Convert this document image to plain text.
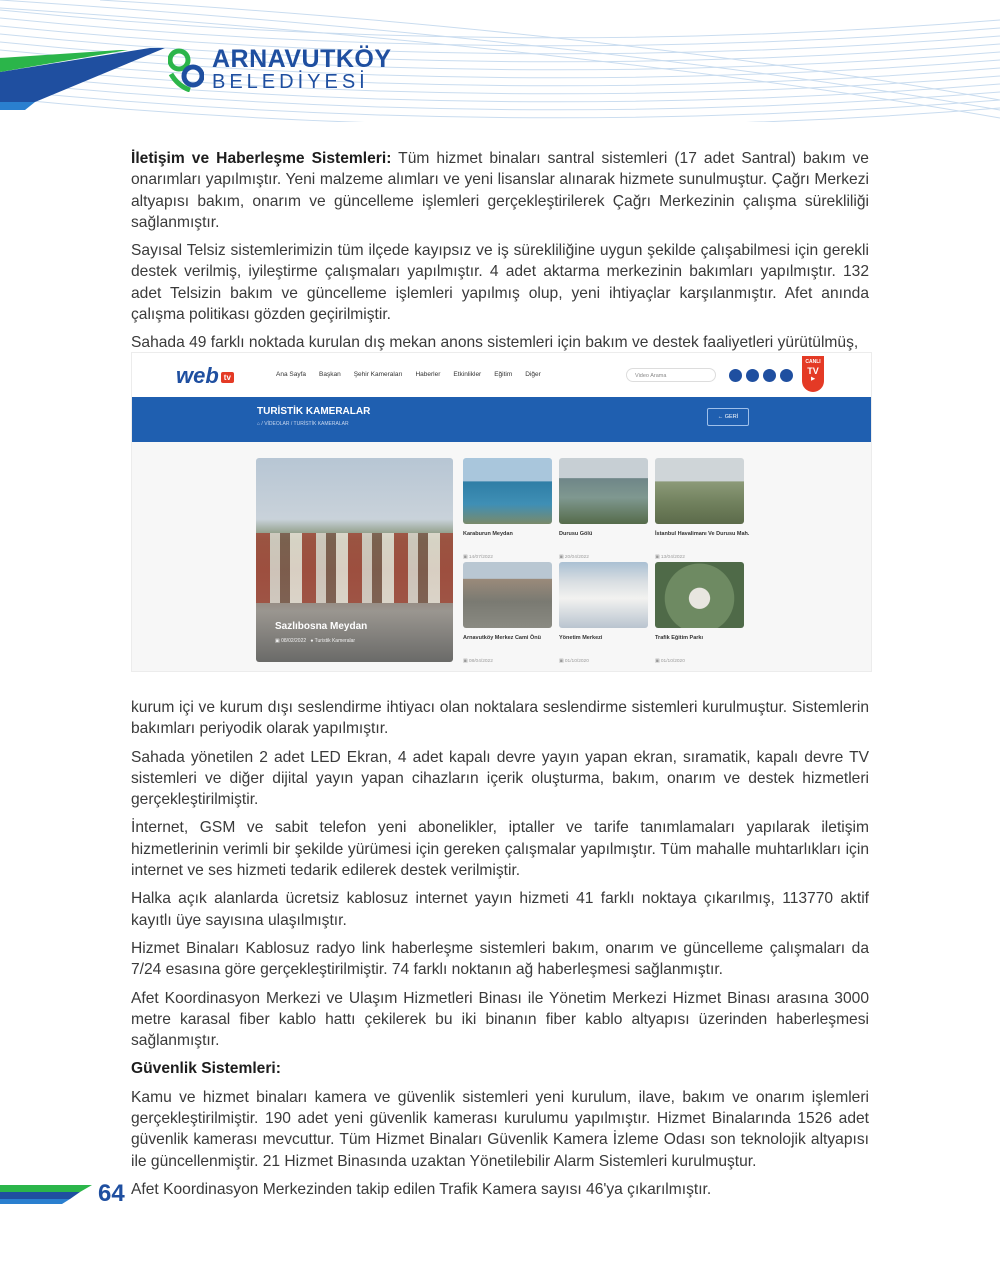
ARNAVUTKÖY
BELEDİYESİ

İletişim ve Haberleşme Sistemleri: Tüm hizmet binaları santral sistemleri (17 adet Santral) bakım ve onarımları yapılmıştır. Yeni malzeme alımları ve yeni lisanslar alınarak hizmete sunulmuştur. Çağrı Merkezi altyapısı bakım, onarım ve güncelleme işlemleri gerçekleştirilerek Çağrı Merkezinin çalışma sürekliliği sağlanmıştır.

Sayısal Telsiz sistemlerimizin tüm ilçede kayıpsız ve iş sürekliliğine uygun şekilde çalışabilmesi için gerekli destek verilmiş, iyileştirme çalışmaları yapılmıştır. 4 adet aktarma merkezinin bakımları yapılmıştır. 132 adet Telsizin bakım ve güncelleme işlemleri yapılmış olup, yeni ihtiyaçlar karşılanmıştır. Afet anında çalışma politikası gözden geçirilmiştir.

Sahada 49 farklı noktada kurulan dış mekan anons sistemleri için bakım ve destek faaliyetleri yürütülmüş,

web tv	Ana Sayfa Başkan Şehir Kameraları Haberler Etkinlikler Eğitim Diğer	Video Arama
CANLI
TV
▶
TURİSTİK KAMERALAR
⌂ / VİDEOLAR / TURİSTİK KAMERALAR
← GERİ
Sazlıbosna Meydan
▣ 08/02/2022   ● Turistik Kameralar
Karaburun Meydan
▣ 14/07/2022
Durusu Gölü
▣ 20/04/2022
İstanbul Havalimanı Ve Durusu Mah.
▣ 13/04/2022
Arnavutköy Merkez Cami Önü
▣ 08/04/2022
Yönetim Merkezi
▣ 01/10/2020
Trafik Eğitim Parkı
▣ 01/10/2020

kurum içi ve kurum dışı seslendirme ihtiyacı olan noktalara seslendirme sistemleri kurulmuştur. Sistemlerin bakımları periyodik olarak yapılmıştır.

Sahada yönetilen 2 adet LED Ekran, 4 adet kapalı devre yayın yapan ekran, sıramatik, kapalı devre TV sistemleri ve diğer dijital yayın yapan cihazların içerik oluşturma, bakım, onarım ve destek hizmetleri gerçekleştirilmiştir.

İnternet, GSM ve sabit telefon yeni abonelikler, iptaller ve tarife tanımlamaları yapılarak iletişim hizmetlerinin verimli bir şekilde yürümesi için gereken çalışmalar yapılmıştır. Tüm mahalle muhtarlıkları için internet ve ses hizmeti tedarik edilerek destek verilmiştir.

Halka açık alanlarda ücretsiz kablosuz internet yayın hizmeti 41 farklı noktaya çıkarılmış, 113770 aktif kayıtlı üye sayısına ulaşılmıştır.

Hizmet Binaları Kablosuz radyo link haberleşme sistemleri bakım, onarım ve güncelleme çalışmaları da 7/24 esasına göre gerçekleştirilmiştir. 74 farklı noktanın ağ haberleşmesi sağlanmıştır.

Afet Koordinasyon Merkezi ve Ulaşım Hizmetleri Binası ile Yönetim Merkezi Hizmet Binası arasına 3000 metre karasal fiber kablo hattı çekilerek bu iki binanın fiber kablo altyapısı üzerinden haberleşmesi sağlanmıştır.

Güvenlik Sistemleri:

Kamu ve hizmet binaları kamera ve güvenlik sistemleri yeni kurulum, ilave, bakım ve onarım işlemleri gerçekleştirilmiştir. 190 adet yeni güvenlik kamerası kurulumu yapılmıştır. Hizmet Binalarında 1526 adet güvenlik kamerası mevcuttur. Tüm Hizmet Binaları Güvenlik Kamera İzleme Odası son teknolojik altyapısı ile güncellenmiştir. 21 Hizmet Binasında uzaktan Yönetilebilir Alarm Sistemleri kurulmuştur.

Afet Koordinasyon Merkezinden takip edilen Trafik Kamera sayısı 46'ya çıkarılmıştır.

64
